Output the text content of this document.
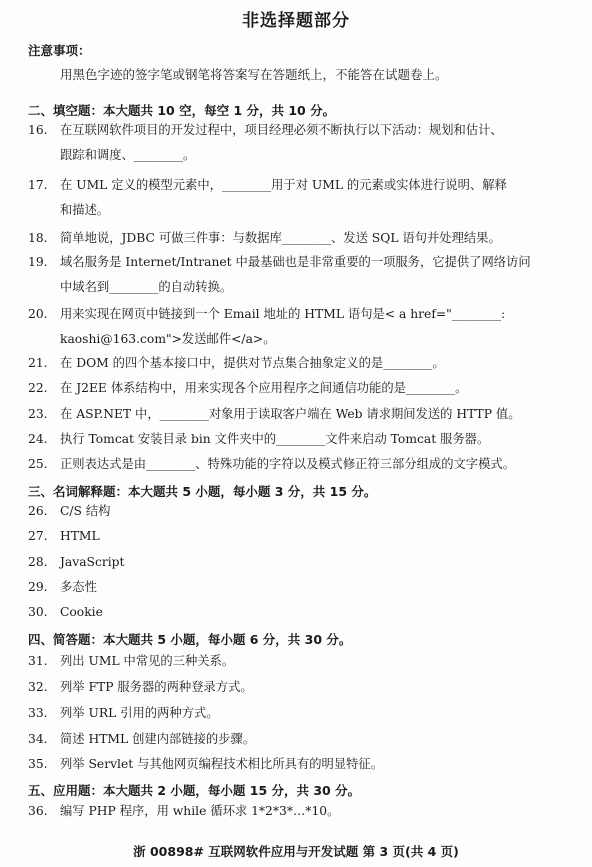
非选择题部分
注意事项：
用黑色字迹的签字笔或钢笔将答案写在答题纸上，不能答在试题卷上。
二、填空题：本大题共 10 空，每空 1 分，共 10 分。
16. 在互联网软件项目的开发过程中，项目经理必须不断执行以下活动：规划和估计、
跟踪和调度、________。
17. 在 UML 定义的模型元素中，________用于对 UML 的元素或实体进行说明、解释
和描述。
18. 简单地说，JDBC 可做三件事：与数据库________、发送 SQL 语句并处理结果。
19. 域名服务是 Internet/Intranet 中最基础也是非常重要的一项服务，它提供了网络访问
中域名到________的自动转换。
20. 用来实现在网页中链接到一个 Email 地址的 HTML 语句是< a href="________:
kaoshi@163.com">发送邮件</a>。
21. 在 DOM 的四个基本接口中，提供对节点集合抽象定义的是________。
22. 在 J2EE 体系结构中，用来实现各个应用程序之间通信功能的是________。
23. 在 ASP.NET 中，________对象用于读取客户端在 Web 请求期间发送的 HTTP 值。
24. 执行 Tomcat 安装目录 bin 文件夹中的________文件来启动 Tomcat 服务器。
25. 正则表达式是由________、特殊功能的字符以及模式修正符三部分组成的文字模式。
三、名词解释题：本大题共 5 小题，每小题 3 分，共 15 分。
26. C/S 结构
27. HTML
28. JavaScript
29. 多态性
30. Cookie
四、简答题：本大题共 5 小题，每小题 6 分，共 30 分。
31. 列出 UML 中常见的三种关系。
32. 列举 FTP 服务器的两种登录方式。
33. 列举 URL 引用的两种方式。
34. 简述 HTML 创建内部链接的步骤。
35. 列举 Servlet 与其他网页编程技术相比所具有的明显特征。
五、应用题：本大题共 2 小题，每小题 15 分，共 30 分。
36. 编写 PHP 程序，用 while 循环求 1*2*3*…*10。
浙 00898# 互联网软件应用与开发试题 第 3 页(共 4 页)
